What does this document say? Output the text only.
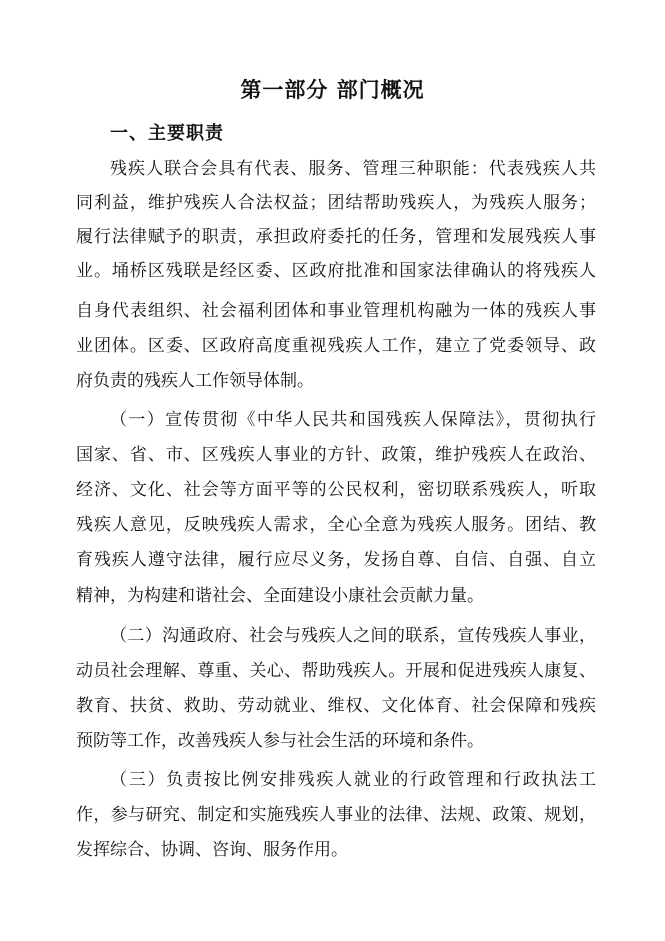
第一部分 部门概况
一、主要职责
残疾人联合会具有代表、服务、管理三种职能：代表残疾人共
同利益，维护残疾人合法权益；团结帮助残疾人，为残疾人服务；
履行法律赋予的职责，承担政府委托的任务，管理和发展残疾人事
业。埇桥区残联是经区委、区政府批准和国家法律确认的将残疾人
自身代表组织、社会福利团体和事业管理机构融为一体的残疾人事
业团体。区委、区政府高度重视残疾人工作，建立了党委领导、政
府负责的残疾人工作领导体制。
（一）宣传贯彻《中华人民共和国残疾人保障法》，贯彻执行
国家、省、市、区残疾人事业的方针、政策，维护残疾人在政治、
经济、文化、社会等方面平等的公民权利，密切联系残疾人，听取
残疾人意见，反映残疾人需求，全心全意为残疾人服务。团结、教
育残疾人遵守法律，履行应尽义务，发扬自尊、自信、自强、自立
精神，为构建和谐社会、全面建设小康社会贡献力量。
（二）沟通政府、社会与残疾人之间的联系，宣传残疾人事业，
动员社会理解、尊重、关心、帮助残疾人。开展和促进残疾人康复、
教育、扶贫、救助、劳动就业、维权、文化体育、社会保障和残疾
预防等工作，改善残疾人参与社会生活的环境和条件。
（三）负责按比例安排残疾人就业的行政管理和行政执法工
作，参与研究、制定和实施残疾人事业的法律、法规、政策、规划，
发挥综合、协调、咨询、服务作用。
